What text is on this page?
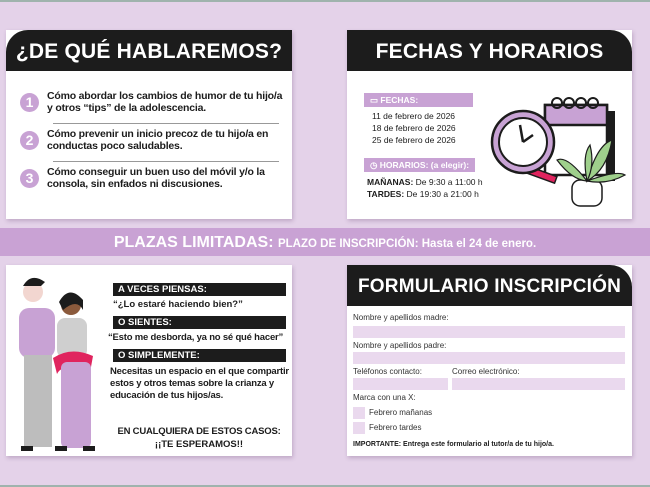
¿DE QUÉ HABLAREMOS?
1	Cómo abordar los cambios de humor de tu hijo/a y otros “tips” de la adolescencia.
2	Cómo prevenir un inicio precoz de tu hijo/a en conductas poco saludables.
3	Cómo conseguir un buen uso del móvil y/o la consola, sin enfados ni discusiones.
FECHAS Y HORARIOS
▭ FECHAS:
11 de febrero de 2026
18 de febrero de 2026
25 de febrero de 2026
◷ HORARIOS: (a elegir):
MAÑANAS: De 9:30 a 11:00 h
TARDES: De 19:30 a 21:00 h
PLAZAS LIMITADAS: PLAZO DE INSCRIPCIÓN: Hasta el 24 de enero.
A VECES PIENSAS:
“¿Lo estaré haciendo bien?”
O SIENTES:
“Esto me desborda, ya no sé qué hacer”
O SIMPLEMENTE:
Necesitas un espacio en el que compartir estos y otros temas sobre la crianza y educación de tus hijos/as.
EN CUALQUIERA DE ESTOS CASOS:
¡¡TE ESPERAMOS!!
FORMULARIO INSCRIPCIÓN
Nombre y apellidos madre:
Nombre y apellidos padre:
Teléfonos contacto:	Correo electrónico:
Marca con una X:
Febrero mañanas
Febrero tardes
IMPORTANTE: Entrega este formulario al tutor/a de tu hijo/a.
